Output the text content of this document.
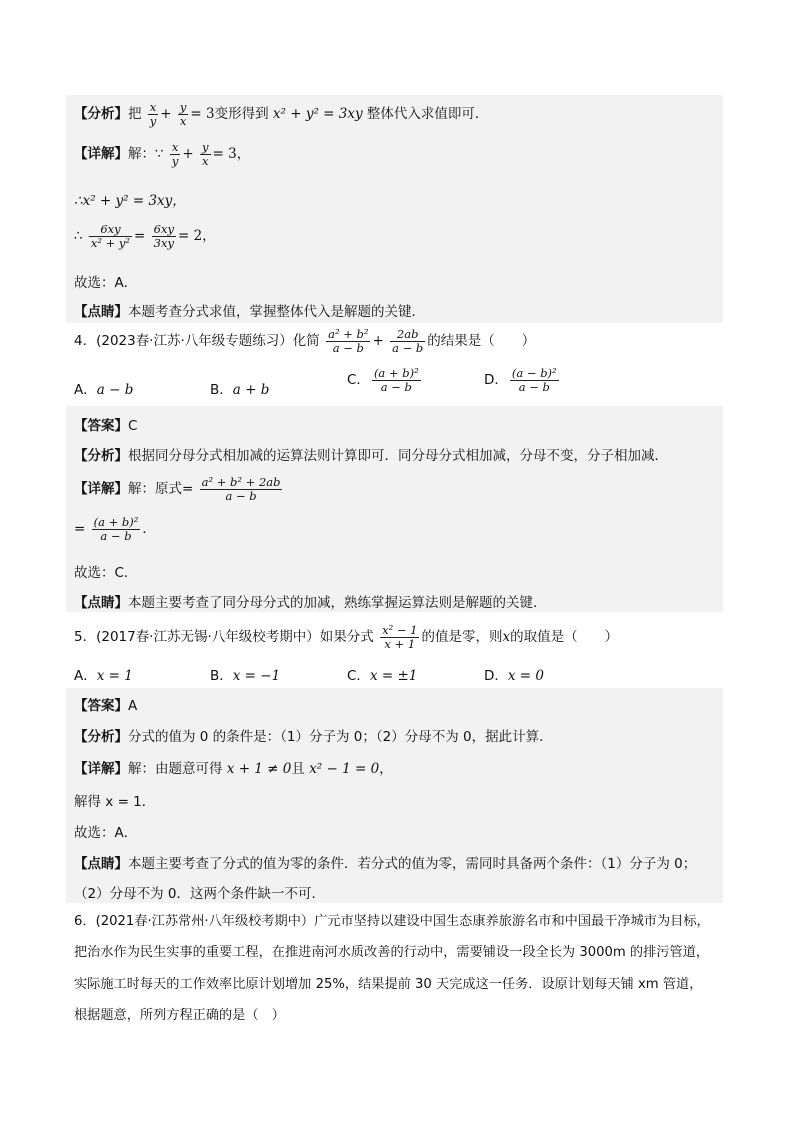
【分析】把 $\frac{x}{y} + \frac{y}{x} = 3$变形得到 x² + y² = 3xy 整体代入求值即可．
【详解】解：∵ $\frac{x}{y} + \frac{y}{x} = 3$，
∴x² + y² = 3xy，
∴ $\frac{6xy}{\text{x² + y²}} = \frac{6xy}{3xy} = 2$，
故选：A．
【点睛】本题考查分式求值，掌握整体代入是解题的关键．
4．(2023春·江苏·八年级专题练习）化简 $\frac{\text{a² + b²}}{a - b} + \frac{2ab}{a - b}$ 的结果是（　　）
A．a − b	B．a + b
C． $\frac{\text{(a + b)²}}{a - b}$	D． $\frac{\text{(a − b)²}}{a - b}$
【答案】C
【分析】根据同分母分式相加减的运算法则计算即可．同分母分式相加减，分母不变，分子相加减．
【详解】解：原式= $\frac{\text{a² + b² + 2ab}}{a - b}$
= $\frac{\text{(a + b)²}}{a - b}$ ．
故选：C．
【点睛】本题主要考查了同分母分式的加减，熟练掌握运算法则是解题的关键．
5．(2017春·江苏无锡·八年级校考期中）如果分式 $\frac{\text{x² − 1}}{x + 1}$ 的值是零，则x的取值是（　　）
A．x = 1	B．x = −1	C．x = ±1	D．x = 0
【答案】A
【分析】分式的值为 0 的条件是：（1）分子为 0；（2）分母不为 0，据此计算．
【详解】解：由题意可得 x + 1 ≠ 0且 x² − 1 = 0，
解得 x = 1．
故选：A．
【点睛】本题主要考查了分式的值为零的条件．若分式的值为零，需同时具备两个条件：（1）分子为 0；
（2）分母不为 0．这两个条件缺一不可．
6．(2021春·江苏常州·八年级校考期中）广元市坚持以建设中国生态康养旅游名市和中国最干净城市为目标，
把治水作为民生实事的重要工程，在推进南河水质改善的行动中，需要铺设一段全长为 3000m 的排污管道，
实际施工时每天的工作效率比原计划增加 25%，结果提前 30 天完成这一任务．设原计划每天铺 xm 管道，
根据题意，所列方程正确的是（　）
